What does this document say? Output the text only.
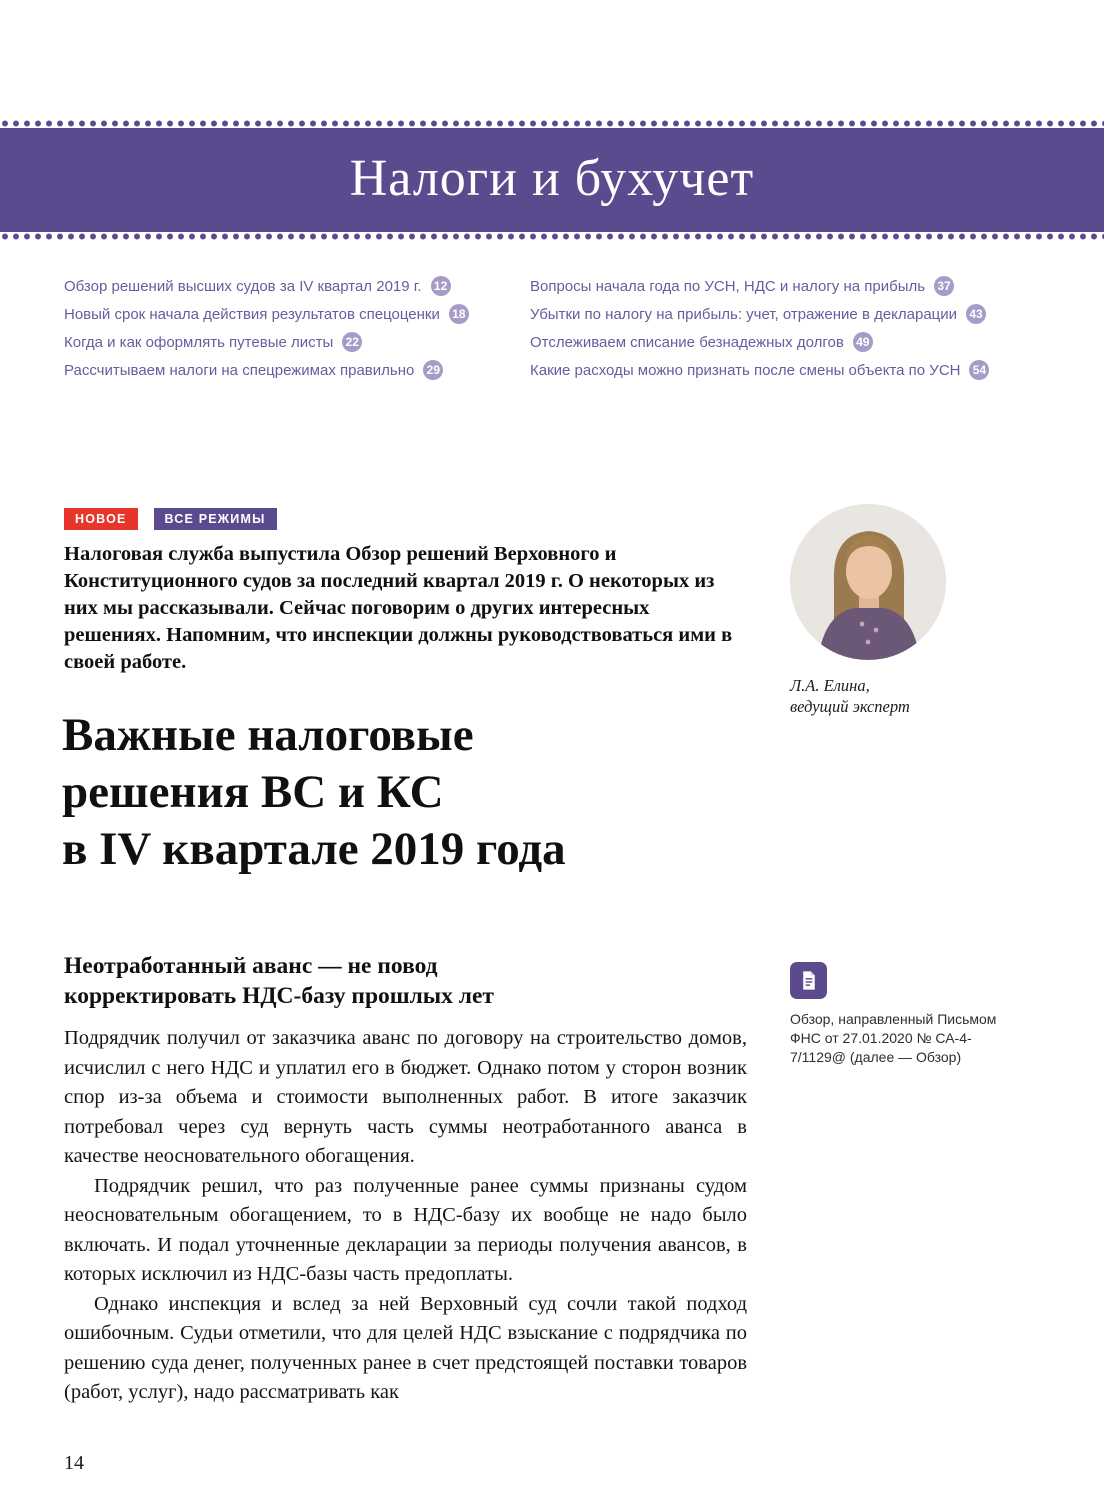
Налоги и бухучет
Обзор решений высших судов за IV квартал 2019 г. 12
Новый срок начала действия результатов спецоценки 18
Когда и как оформлять путевые листы 22
Рассчитываем налоги на спецрежимах правильно 29
Вопросы начала года по УСН, НДС и налогу на прибыль 37
Убытки по налогу на прибыль: учет, отражение в декларации 43
Отслеживаем списание безнадежных долгов 49
Какие расходы можно признать после смены объекта по УСН 54
НОВОЕ	ВСЕ РЕЖИМЫ

Налоговая служба выпустила Обзор решений Верховного и Конституционного судов за последний квартал 2019 г. О некоторых из них мы рассказывали. Сейчас поговорим о других интересных решениях. Напомним, что инспекции должны руководствоваться ими в своей работе.

Л.А. Елина,
ведущий эксперт
Важные налоговые
решения ВС и КС
в IV квартале 2019 года
Неотработанный аванс — не повод
корректировать НДС-базу прошлых лет

Обзор, направленный Письмом ФНС от 27.01.2020 № СА-4-7/1129@ (далее — Обзор)

Подрядчик получил от заказчика аванс по договору на строительство домов, исчислил с него НДС и уплатил его в бюджет. Однако потом у сторон возник спор из-за объема и стоимости выполненных работ. В итоге заказчик потребовал через суд вернуть часть суммы неотработанного аванса в качестве неосновательного обогащения.

Подрядчик решил, что раз полученные ранее суммы признаны судом неосновательным обогащением, то в НДС-базу их вообще не надо было включать. И подал уточненные декларации за периоды получения авансов, в которых исключил из НДС-базы часть предоплаты.

Однако инспекция и вслед за ней Верховный суд сочли такой подход ошибочным. Судьи отметили, что для целей НДС взыскание с подрядчика по решению суда денег, полученных ранее в счет предстоящей поставки товаров (работ, услуг), надо рассматривать как

14
